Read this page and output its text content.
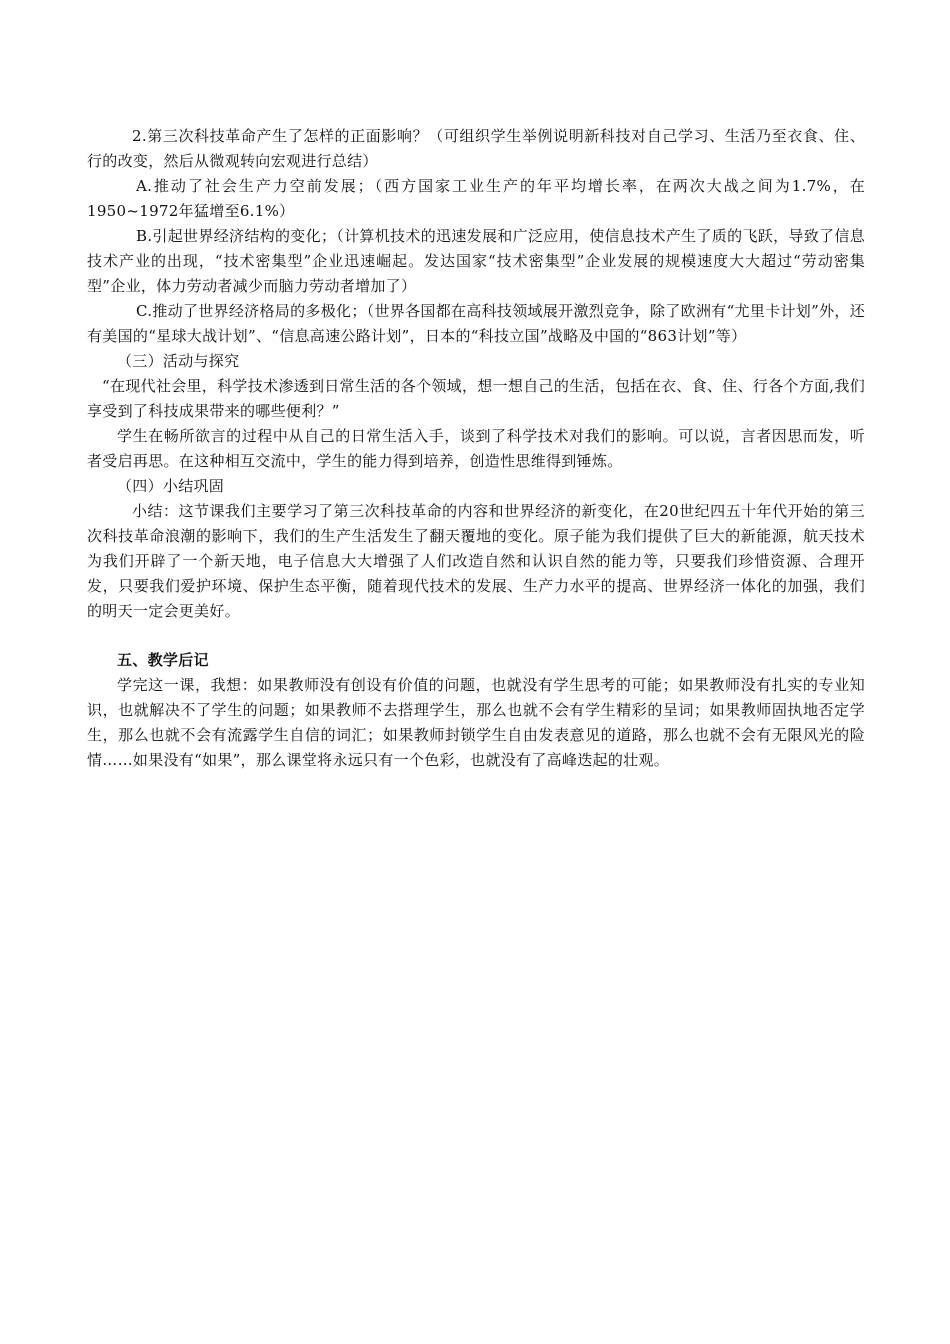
2.第三次科技革命产生了怎样的正面影响？（可组织学生举例说明新科技对自己学习、生活乃至衣食、住、行的改变，然后从微观转向宏观进行总结）

A.推动了社会生产力空前发展；（西方国家工业生产的年平均增长率，在两次大战之间为1.7%，在1950~1972年猛增至6.1%）

B.引起世界经济结构的变化；（计算机技术的迅速发展和广泛应用，使信息技术产生了质的飞跃，导致了信息技术产业的出现，“技术密集型”企业迅速崛起。发达国家“技术密集型”企业发展的规模速度大大超过“劳动密集型”企业，体力劳动者减少而脑力劳动者增加了）

C.推动了世界经济格局的多极化；（世界各国都在高科技领域展开激烈竞争，除了欧洲有“尤里卡计划”外，还有美国的“星球大战计划”、“信息高速公路计划”，日本的“科技立国”战略及中国的“863计划”等）

（三）活动与探究

“在现代社会里，科学技术渗透到日常生活的各个领域，想一想自己的生活，包括在衣、食、住、行各个方面,我们享受到了科技成果带来的哪些便利？”

学生在畅所欲言的过程中从自己的日常生活入手，谈到了科学技术对我们的影响。可以说，言者因思而发，听者受启再思。在这种相互交流中，学生的能力得到培养，创造性思维得到锤炼。

（四）小结巩固

小结：这节课我们主要学习了第三次科技革命的内容和世界经济的新变化，在20世纪四五十年代开始的第三次科技革命浪潮的影响下，我们的生产生活发生了翻天覆地的变化。原子能为我们提供了巨大的新能源，航天技术为我们开辟了一个新天地，电子信息大大增强了人们改造自然和认识自然的能力等，只要我们珍惜资源、合理开发，只要我们爱护环境、保护生态平衡，随着现代技术的发展、生产力水平的提高、世界经济一体化的加强，我们的明天一定会更美好。

五、教学后记

学完这一课，我想：如果教师没有创设有价值的问题，也就没有学生思考的可能；如果教师没有扎实的专业知识，也就解决不了学生的问题；如果教师不去搭理学生，那么也就不会有学生精彩的呈词；如果教师固执地否定学生，那么也就不会有流露学生自信的词汇；如果教师封锁学生自由发表意见的道路，那么也就不会有无限风光的险情……如果没有“如果”，那么课堂将永远只有一个色彩，也就没有了高峰迭起的壮观。
